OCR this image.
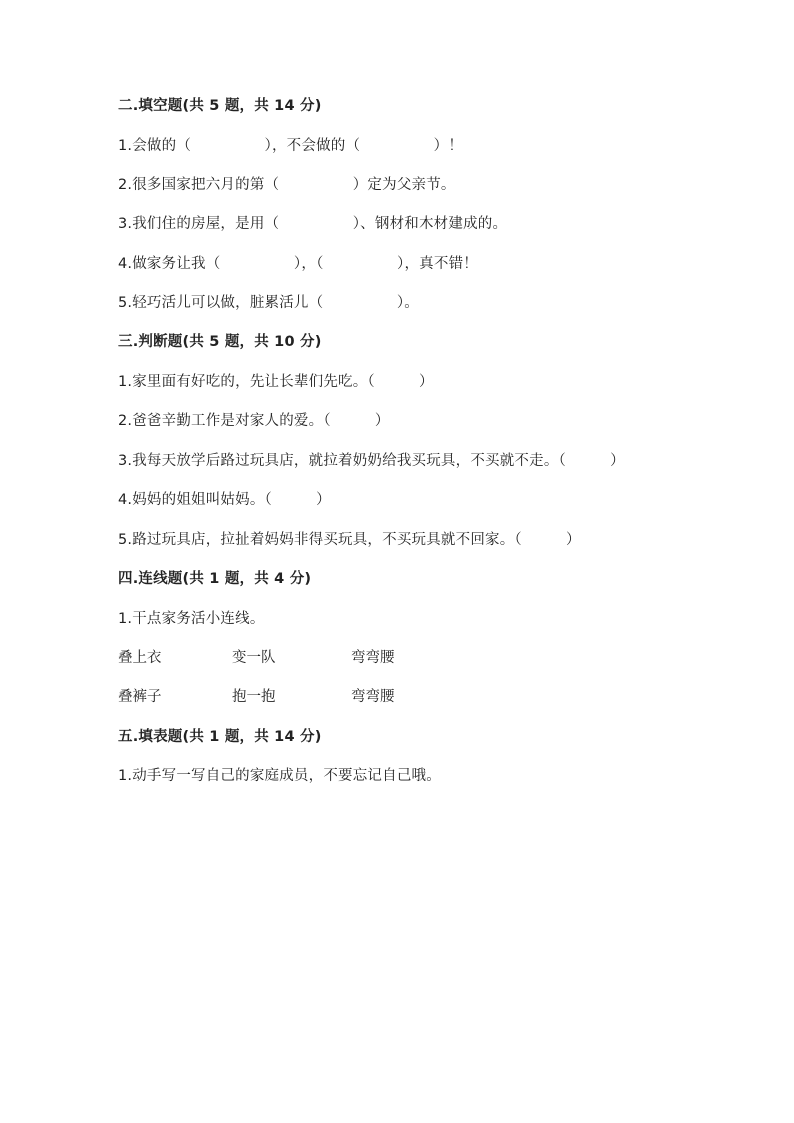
二.填空题(共 5 题，共 14 分)
1.会做的（　　　　　），不会做的（　　　　　）！
2.很多国家把六月的第（　　　　　）定为父亲节。
3.我们住的房屋，是用（　　　　　）、钢材和木材建成的。
4.做家务让我（　　　　　），（　　　　　），真不错！
5.轻巧活儿可以做，脏累活儿（　　　　　）。
三.判断题(共 5 题，共 10 分)
1.家里面有好吃的，先让长辈们先吃。（　　　）
2.爸爸辛勤工作是对家人的爱。（　　　）
3.我每天放学后路过玩具店，就拉着奶奶给我买玩具，不买就不走。（　　　）
4.妈妈的姐姐叫姑妈。（　　　）
5.路过玩具店，拉扯着妈妈非得买玩具，不买玩具就不回家。（　　　）
四.连线题(共 1 题，共 4 分)
1.干点家务活小连线。
叠上衣	变一队	弯弯腰
叠裤子	抱一抱	弯弯腰
五.填表题(共 1 题，共 14 分)
1.动手写一写自己的家庭成员，不要忘记自己哦。
